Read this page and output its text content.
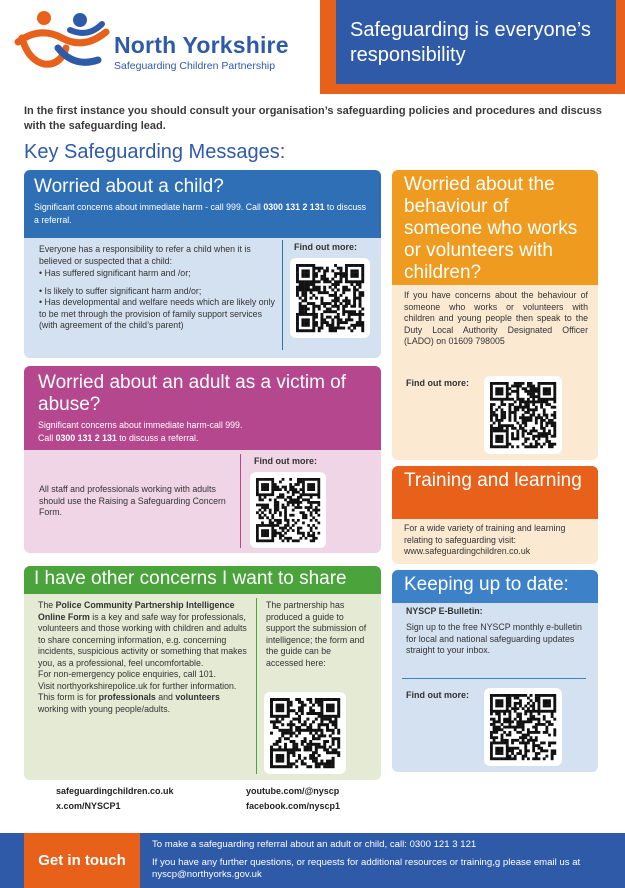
North Yorkshire
Safeguarding Children Partnership
Safeguarding is everyone’s responsibility
In the first instance you should consult your organisation’s safeguarding policies and procedures and discuss with the safeguarding lead.
Key Safeguarding Messages:
Worried about a child?
Significant concerns about immediate harm - call 999. Call 0300 131 2 131 to discuss a referral.
Everyone has a responsibility to refer a child when it is believed or suspected that a child:
• Has suffered significant harm and /or;
• Is likely to suffer significant harm and/or;
• Has developmental and welfare needs which are likely only to be met through the provision of family support services (with agreement of the child’s parent)
Find out more:
Worried about an adult as a victim of abuse?
Significant concerns about immediate harm-call 999.
Call 0300 131 2 131 to discuss a referral.
All staff and professionals working with adults should use the Raising a Safeguarding Concern Form.
Find out more:
I have other concerns I want to share
The Police Community Partnership Intelligence Online Form is a key and safe way for professionals, volunteers and those working with children and adults to share concerning information, e.g. concerning incidents, suspicious activity or something that makes you, as a professional, feel uncomfortable.
For non-emergency police enquiries, call 101.
Visit northyorkshirepolice.uk for further information.
This form is for professionals and volunteers working with young people/adults.
The partnership has produced a guide to support the submission of intelligence; the form and the guide can be accessed here:
Worried about the behaviour of someone who works or volunteers with children?
If you have concerns about the behaviour of someone who works or volunteers with children and young people then speak to the Duty Local Authority Designated Officer (LADO) on 01609 798005
Find out more:
Training and learning
For a wide variety of training and learning relating to safeguarding visit: www.safeguardingchildren.co.uk
Keeping up to date:
NYSCP E-Bulletin:
Sign up to the free NYSCP monthly e-bulletin for local and national safeguarding updates straight to your inbox.
Find out more:
safeguardingchildren.co.uk
x.com/NYSCP1
youtube.com/@nyscp
facebook.com/nyscp1
Get in touch
To make a safeguarding referral about an adult or child, call: 0300 121 3 121
If you have any further questions, or requests for additional resources or training,g please email us at nyscp@northyorks.gov.uk
